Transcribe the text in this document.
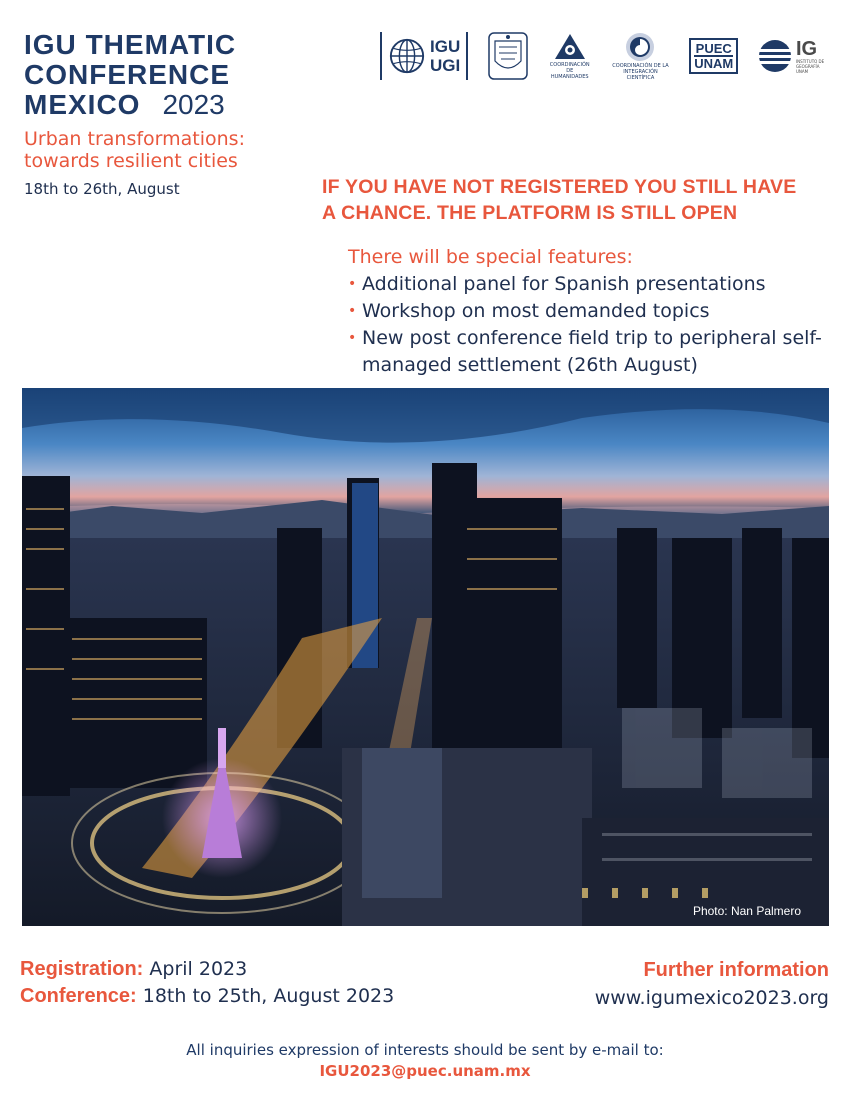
IGU THEMATIC
CONFERENCE
MEXICO 2023
Urban transformations:
towards resilient cities
18th to 26th, August
IGU
UGI	COORDINACIÓN DE HUMANIDADES
COORDINACIÓN DE LA INTEGRACIÓN CIENTÍFICA
PUEC
UNAM
IG
INSTITUTO DE GEOGRAFÍA UNAM
IF YOU HAVE NOT REGISTERED YOU STILL HAVE
A CHANCE. THE PLATFORM IS STILL OPEN
There will be special features:
• Additional panel for Spanish presentations
• Workshop on most demanded topics
• New post conference field trip to peripheral self-managed settlement (26th August)
Photo: Nan Palmero
Registration: April 2023
Conference: 18th to 25th, August 2023
Further information
www.igumexico2023.org
All inquiries expression of interests should be sent by e-mail to:
IGU2023@puec.unam.mx
